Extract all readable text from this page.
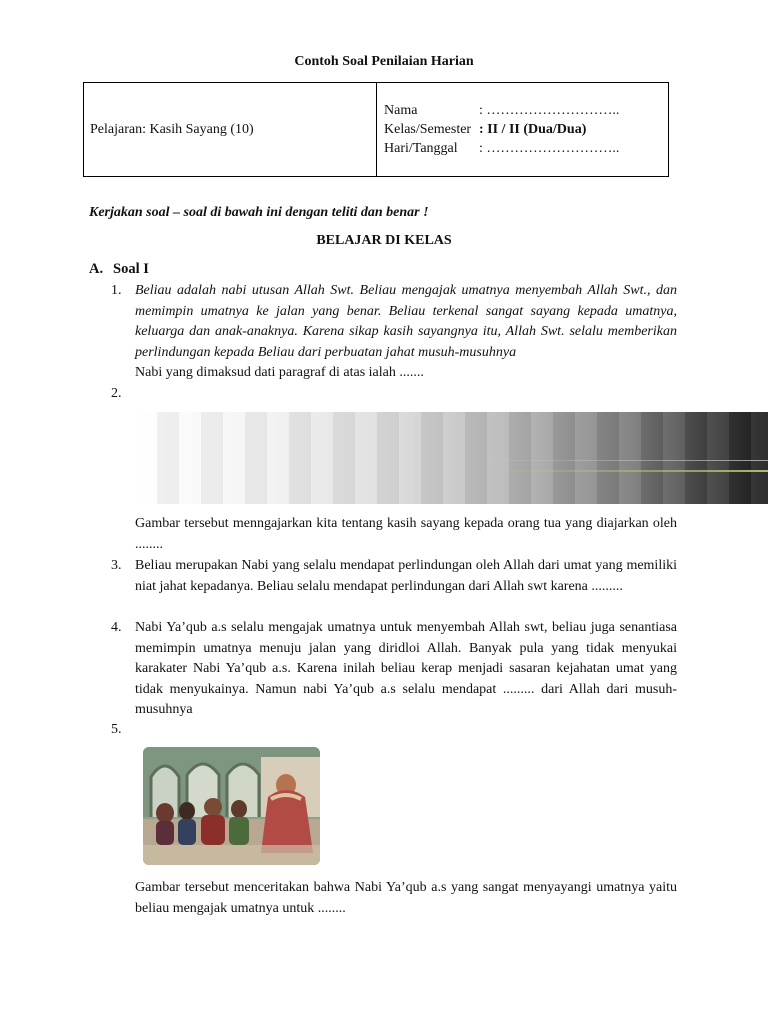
Contoh Soal Penilaian Harian
Pelajaran: Kasih Sayang (10)
Nama	: ………………………..
Kelas/Semester : II / II (Dua/Dua)
Hari/Tanggal	: ………………………..
Kerjakan soal – soal di bawah ini dengan teliti dan benar !
BELAJAR DI KELAS
A. Soal I
1. Beliau adalah nabi utusan Allah Swt. Beliau mengajak umatnya menyembah Allah Swt., dan memimpin umatnya ke jalan yang benar. Beliau terkenal sangat sayang kepada umatnya, keluarga dan anak-anaknya. Karena sikap kasih sayangnya itu, Allah Swt. selalu memberikan perlindungan kepada Beliau dari perbuatan jahat musuh-musuhnya
Nabi yang dimaksud dati paragraf di atas ialah .......
2.
Gambar tersebut menngajarkan kita tentang kasih sayang kepada orang tua yang diajarkan oleh ........
3. Beliau merupakan Nabi yang selalu mendapat perlindungan oleh Allah dari umat yang memiliki niat jahat kepadanya. Beliau selalu mendapat perlindungan dari Allah swt karena .........
4. Nabi Ya’qub a.s selalu mengajak umatnya untuk menyembah Allah swt, beliau juga senantiasa memimpin umatnya menuju jalan yang diridloi Allah. Banyak pula yang tidak menyukai karakater Nabi Ya’qub a.s. Karena inilah beliau kerap menjadi sasaran kejahatan umat yang tidak menyukainya. Namun nabi Ya’qub a.s selalu mendapat ......... dari Allah dari musuh-musuhnya
5.
Gambar tersebut menceritakan bahwa Nabi Ya’qub a.s yang sangat menyayangi umatnya yaitu beliau mengajak umatnya untuk ........
